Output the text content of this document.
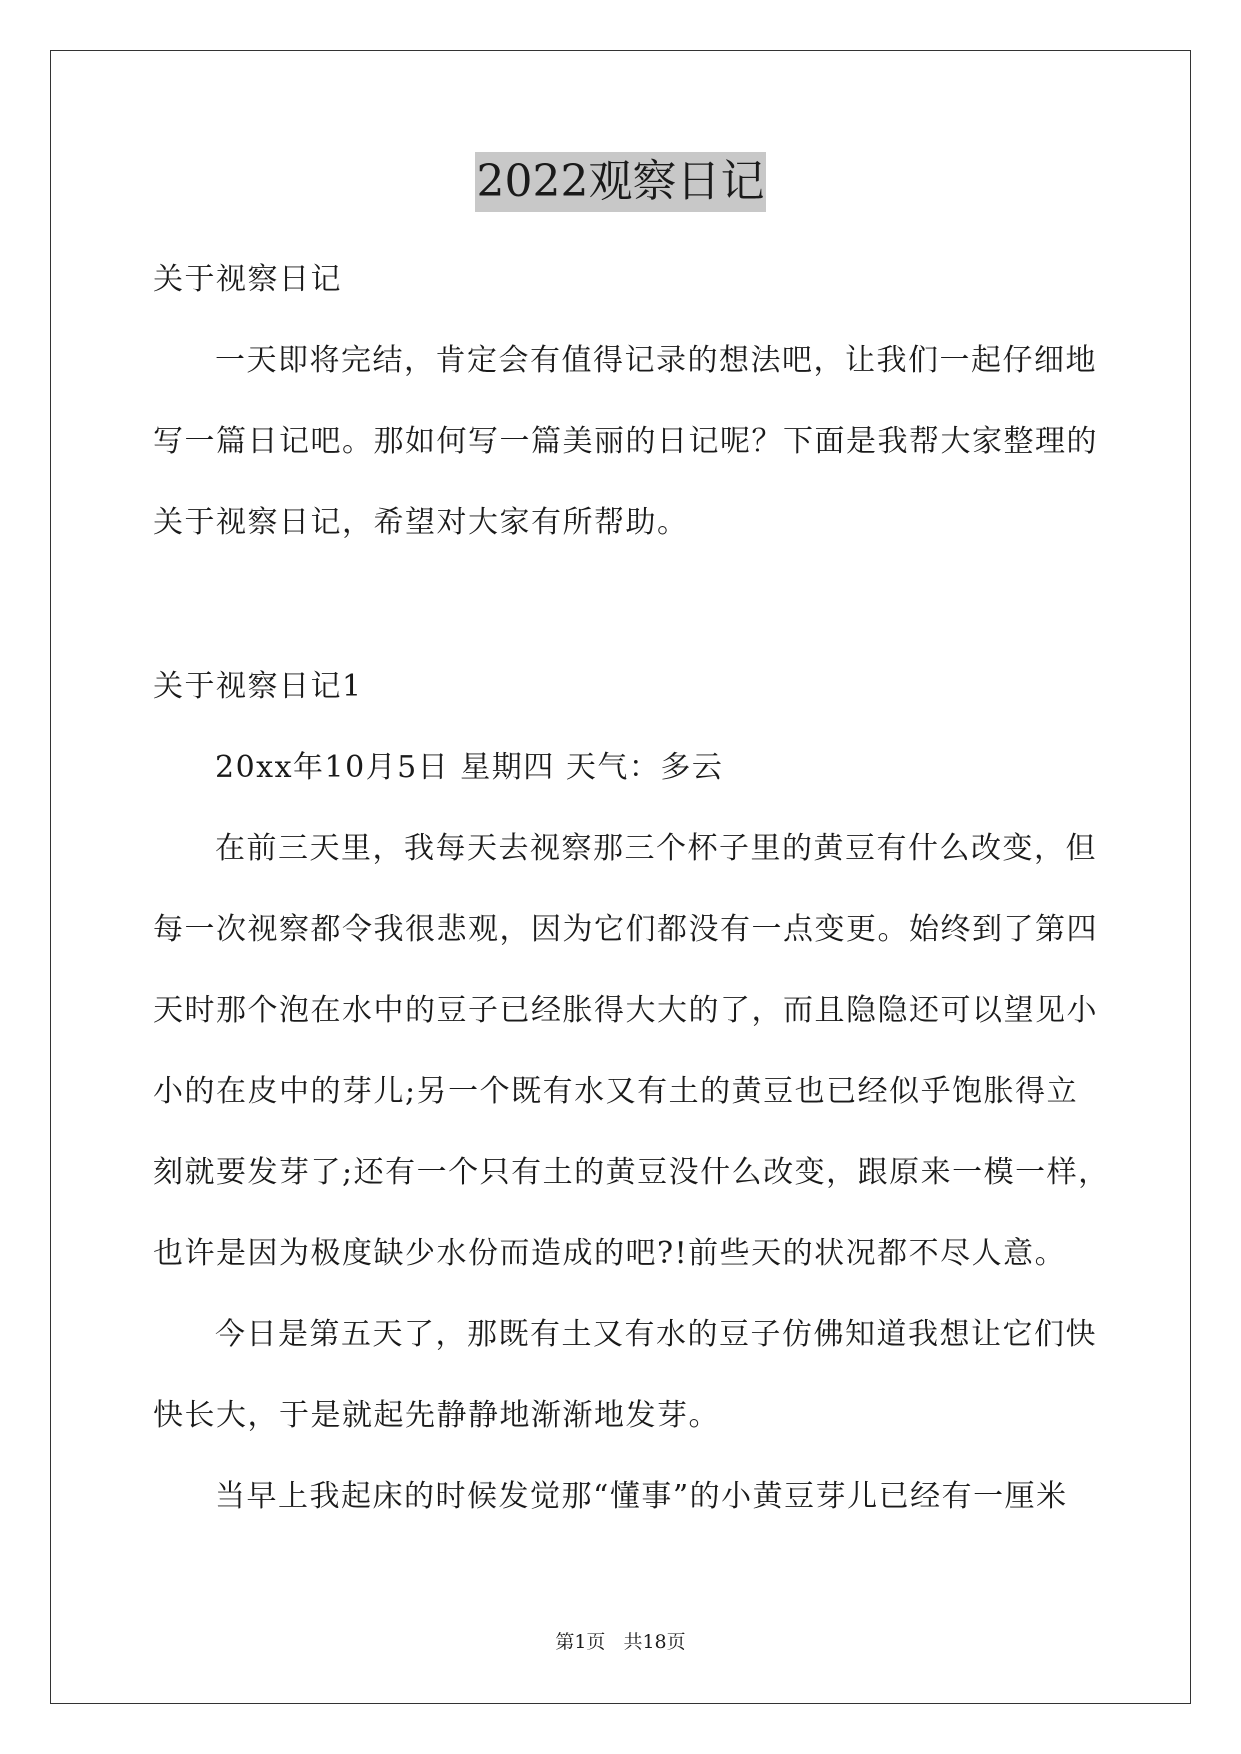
2022观察日记
关于视察日记
一天即将完结，肯定会有值得记录的想法吧，让我们一起仔细地
写一篇日记吧。那如何写一篇美丽的日记呢？下面是我帮大家整理的
关于视察日记，希望对大家有所帮助。
关于视察日记1
20xx年10月5日 星期四 天气：多云
在前三天里，我每天去视察那三个杯子里的黄豆有什么改变，但
每一次视察都令我很悲观，因为它们都没有一点变更。始终到了第四
天时那个泡在水中的豆子已经胀得大大的了，而且隐隐还可以望见小
小的在皮中的芽儿;另一个既有水又有土的黄豆也已经似乎饱胀得立
刻就要发芽了;还有一个只有土的黄豆没什么改变，跟原来一模一样，
也许是因为极度缺少水份而造成的吧?!前些天的状况都不尽人意。
今日是第五天了，那既有土又有水的豆子仿佛知道我想让它们快
快长大，于是就起先静静地渐渐地发芽。
当早上我起床的时候发觉那“懂事”的小黄豆芽儿已经有一厘米
第1页 共18页
